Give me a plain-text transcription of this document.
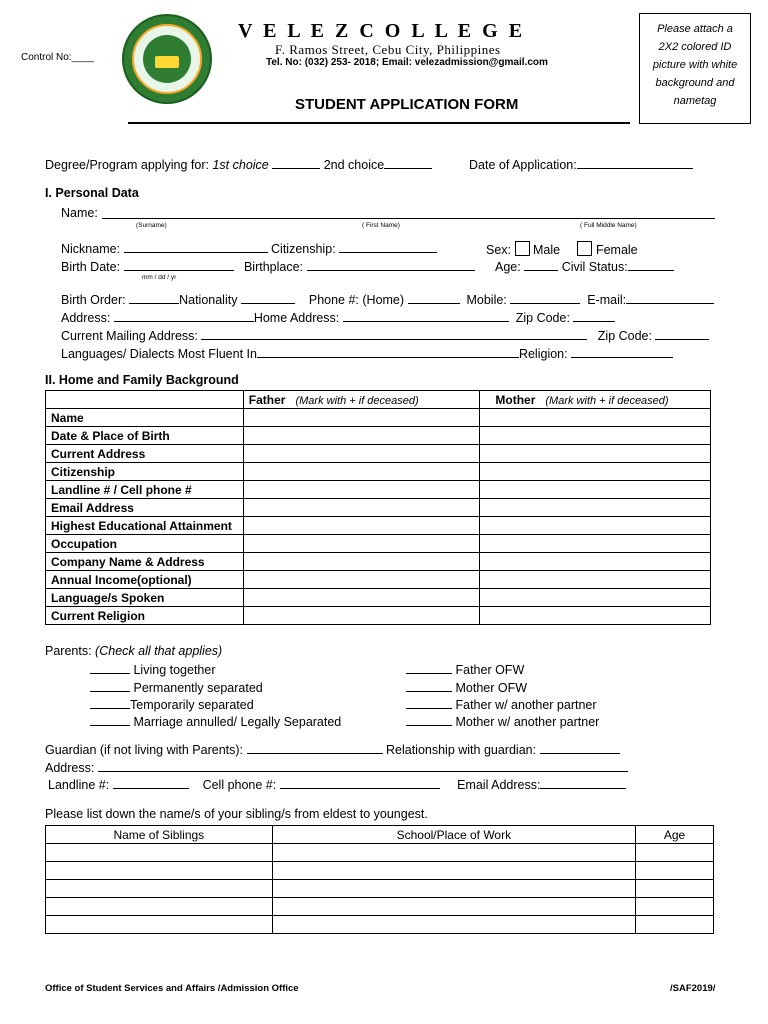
Control No:____
V E L E Z C O L L E G E
F. Ramos Street, Cebu City, Philippines
Tel. No: (032) 253- 2018; Email: velezadmission@gmail.com
STUDENT APPLICATION FORM
Please attach a 2X2 colored ID picture with white background and nametag
Degree/Program applying for: 1st choice	2nd choice	Date of Application:
I. Personal Data
Name:
(Surname)	( First Name)	( Full Middle Name)
Nickname:	Citizenship:	Sex: Male	Female
Birth Date:	Birthplace:
mm / dd / yr
Age:	Civil Status:
Birth Order:	Nationality	Phone #: (Home)	Mobile:	E-mail:
Address:	Home Address:	Zip Code:
Current Mailing Address:	Zip Code:
Languages/ Dialects Most Fluent In	Religion:
II. Home and Family Background
	Father (Mark with + if deceased)	Mother (Mark with + if deceased)
Name		
Date & Place of Birth		
Current Address		
Citizenship		
Landline # / Cell phone #		
Email Address		
Highest Educational Attainment		
Occupation		
Company Name & Address		
Annual Income(optional)		
Language/s Spoken		
Current Religion		
Parents: (Check all that applies)
Living together
Permanently separated
Temporarily separated
Marriage annulled/ Legally Separated
Father OFW
Mother OFW
Father w/ another partner
Mother w/ another partner
Guardian (if not living with Parents):	Relationship with guardian:
Address:
Landline #:	Cell phone #:	Email Address:
Please list down the name/s of your sibling/s from eldest to youngest.
Name of Siblings	School/Place of Work	Age

Office of Student Services and Affairs /Admission Office	/SAF2019/
